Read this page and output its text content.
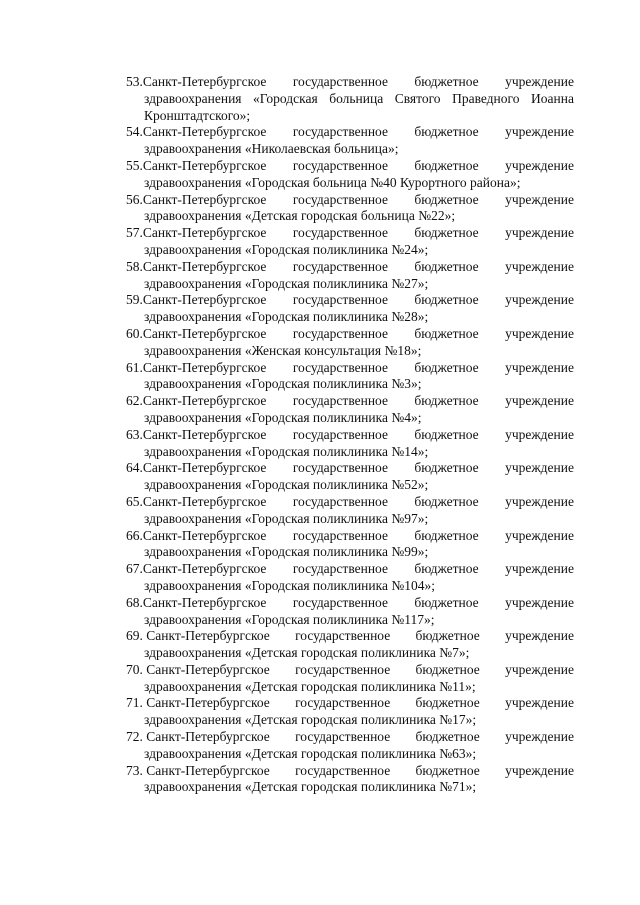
53.Санкт-Петербургское государственное бюджетное учреждение
здравоохранения «Городская больница Святого Праведного Иоанна
Кронштадтского»;
54.Санкт-Петербургское государственное бюджетное учреждение
здравоохранения «Николаевская больница»;
55.Санкт-Петербургское государственное бюджетное учреждение
здравоохранения «Городская больница №40 Курортного района»;
56.Санкт-Петербургское государственное бюджетное учреждение
здравоохранения «Детская городская больница №22»;
57.Санкт-Петербургское государственное бюджетное учреждение
здравоохранения «Городская поликлиника №24»;
58.Санкт-Петербургское государственное бюджетное учреждение
здравоохранения «Городская поликлиника №27»;
59.Санкт-Петербургское государственное бюджетное учреждение
здравоохранения «Городская поликлиника №28»;
60.Санкт-Петербургское государственное бюджетное учреждение
здравоохранения «Женская консультация №18»;
61.Санкт-Петербургское государственное бюджетное учреждение
здравоохранения «Городская поликлиника №3»;
62.Санкт-Петербургское государственное бюджетное учреждение
здравоохранения «Городская поликлиника №4»;
63.Санкт-Петербургское государственное бюджетное учреждение
здравоохранения «Городская поликлиника №14»;
64.Санкт-Петербургское государственное бюджетное учреждение
здравоохранения «Городская поликлиника №52»;
65.Санкт-Петербургское государственное бюджетное учреждение
здравоохранения «Городская поликлиника №97»;
66.Санкт-Петербургское государственное бюджетное учреждение
здравоохранения «Городская поликлиника №99»;
67.Санкт-Петербургское государственное бюджетное учреждение
здравоохранения «Городская поликлиника №104»;
68.Санкт-Петербургское государственное бюджетное учреждение
здравоохранения «Городская поликлиника №117»;
69. Санкт-Петербургское государственное бюджетное учреждение
здравоохранения «Детская городская поликлиника №7»;
70. Санкт-Петербургское государственное бюджетное учреждение
здравоохранения «Детская городская поликлиника №11»;
71. Санкт-Петербургское государственное бюджетное учреждение
здравоохранения «Детская городская поликлиника №17»;
72. Санкт-Петербургское государственное бюджетное учреждение
здравоохранения «Детская городская поликлиника №63»;
73. Санкт-Петербургское государственное бюджетное учреждение
здравоохранения «Детская городская поликлиника №71»;
